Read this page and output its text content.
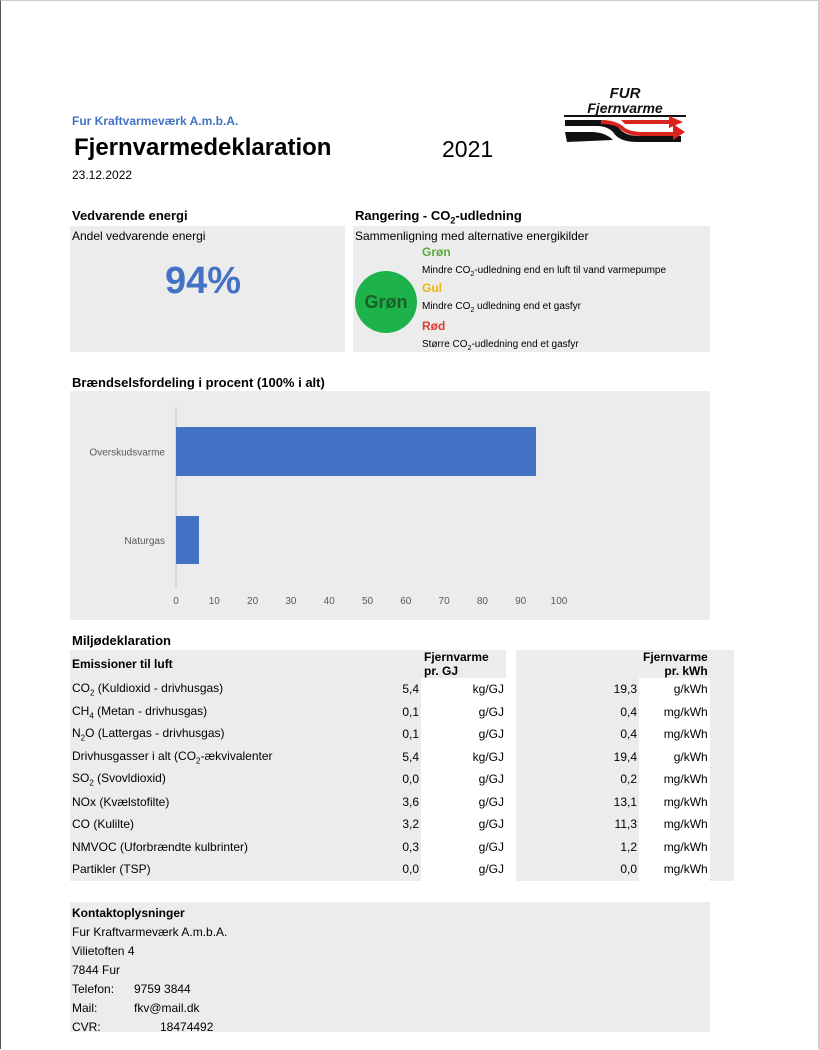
Fur Kraftvarmeværk A.m.b.A.
Fjernvarmedeklaration	2021
23.12.2022
FUR
Fjernvarme
Vedvarende energi
Andel vedvarende energi
94%
Rangering - $CO_2$-udledning
Sammenligning med alternative energikilder
Grøn
Grøn
Mindre $CO_2$-udledning end en luft til vand varmepumpe
Gul
Mindre $CO_2$ udledning end et gasfyr
Rød
Større $CO_2$-udledning end et gasfyr
Brændselsfordeling i procent (100% i alt)
Overskudsvarme
Naturgas
0	10	20	30	40	50	60	70	80	90 100
Miljødeklaration
Emissioner til luft		Fjernvarme pr. GJ			Fjernvarme pr. kWh	
$CO_2$ (Kuldioxid - drivhusgas)	5,4	kg/GJ		19,3	g/kWh	
$CH_4$ (Metan - drivhusgas)	0,1	g/GJ		0,4	mg/kWh	
$N_2O$ (Lattergas - drivhusgas)	0,1	g/GJ		0,4	mg/kWh	
Drivhusgasser i alt ($CO_2$-ækvivalenter	5,4	kg/GJ		19,4	g/kWh	
$SO_2$ (Svovldioxid)	0,0	g/GJ		0,2	mg/kWh	
NOx (Kvælstofilte)	3,6	g/GJ		13,1	mg/kWh	
CO (Kulilte)	3,2	g/GJ		11,3	mg/kWh	
NMVOC (Uforbrændte kulbrinter)	0,3	g/GJ		1,2	mg/kWh	
Partikler (TSP)	0,0	g/GJ		0,0	mg/kWh	
Kontaktoplysninger
Fur Kraftvarmeværk A.m.b.A.
Vilietoften 4
7844 Fur
Telefon: 9759 3844
Mail:	fkv@mail.dk
CVR:	18474492
